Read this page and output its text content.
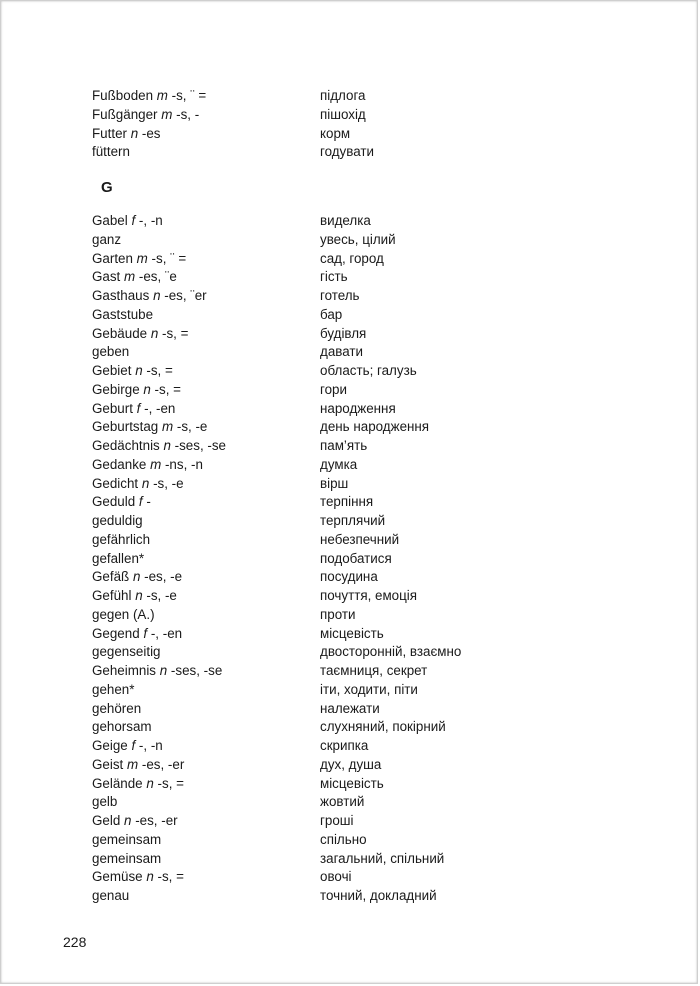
Fußboden m -s, ¨ =	підлога
Fußgänger m -s, -	пішохід
Futter n -es	корм
füttern	годувати
G
Gabel f -, -n	виделка
ganz	увесь, цілий
Garten m -s, ¨ =	сад, город
Gast m -es, ¨e	гість
Gasthaus n -es, ¨er	готель
Gaststube	бар
Gebäude n -s, =	будівля
geben	давати
Gebiet n -s, =	область; галузь
Gebirge n -s, =	гори
Geburt f -, -en	народження
Geburtstag m -s, -e	день народження
Gedächtnis n -ses, -se	пам’ять
Gedanke m -ns, -n	думка
Gedicht n -s, -e	вірш
Geduld f -	терпіння
geduldig	терплячий
gefährlich	небезпечний
gefallen*	подобатися
Gefäß n -es, -e	посудина
Gefühl n -s, -e	почуття, емоція
gegen (A.)	проти
Gegend f -, -en	місцевість
gegenseitig	двосторонній, взаємно
Geheimnis n -ses, -se	таємниця, секрет
gehen*	іти, ходити, піти
gehören	належати
gehorsam	слухняний, покірний
Geige f -, -n	скрипка
Geist m -es, -er	дух, душа
Gelände n -s, =	місцевість
gelb	жовтий
Geld n -es, -er	гроші
gemeinsam	спільно
gemeinsam	загальний, спільний
Gemüse n -s, =	овочі
genau	точний, докладний
228
